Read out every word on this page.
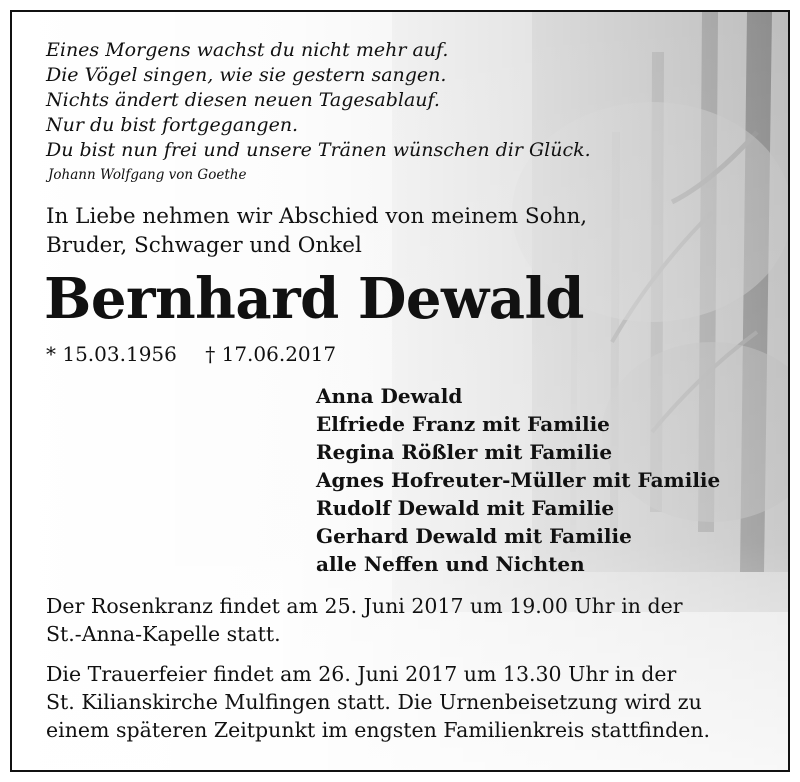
Eines Morgens wachst du nicht mehr auf.
Die Vögel singen, wie sie gestern sangen.
Nichts ändert diesen neuen Tagesablauf.
Nur du bist fortgegangen.
Du bist nun frei und unsere Tränen wünschen dir Glück.
Johann Wolfgang von Goethe
In Liebe nehmen wir Abschied von meinem Sohn,
Bruder, Schwager und Onkel
Bernhard Dewald
* 15.03.1956 † 17.06.2017
Anna Dewald
Elfriede Franz mit Familie
Regina Rößler mit Familie
Agnes Hofreuter-Müller mit Familie
Rudolf Dewald mit Familie
Gerhard Dewald mit Familie
alle Neffen und Nichten
Der Rosenkranz findet am 25. Juni 2017 um 19.00 Uhr in der
St.-Anna-Kapelle statt.
Die Trauerfeier findet am 26. Juni 2017 um 13.30 Uhr in der
St. Kilianskirche Mulfingen statt. Die Urnenbeisetzung wird zu
einem späteren Zeitpunkt im engsten Familienkreis stattfinden.
